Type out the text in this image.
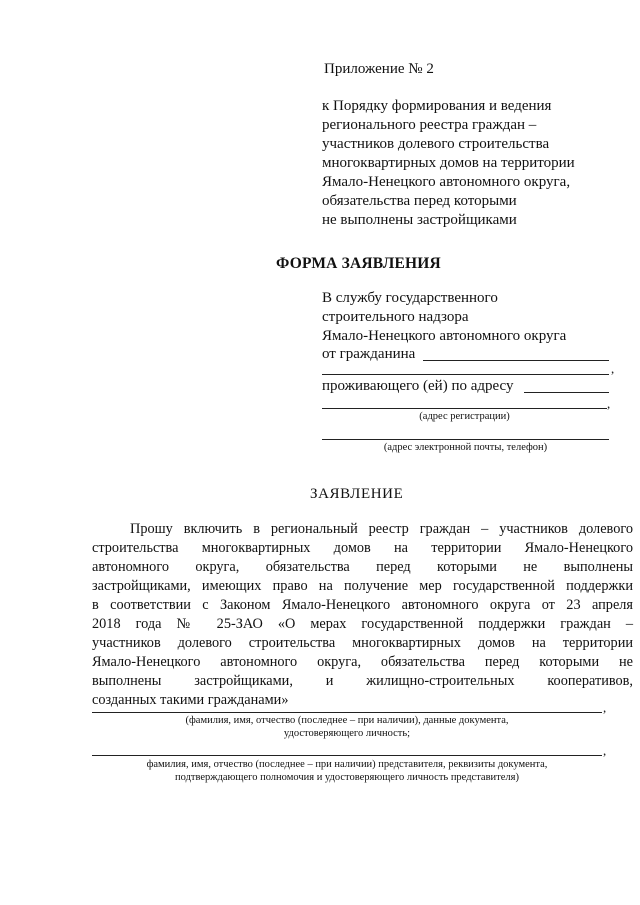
Приложение № 2
к Порядку формирования и ведения
регионального реестра граждан –
участников долевого строительства
многоквартирных домов на территории
Ямало-Ненецкого автономного округа,
обязательства перед которыми
не выполнены застройщиками
ФОРМА ЗАЯВЛЕНИЯ
В службу государственного
строительного надзора
Ямало-Ненецкого автономного округа
от гражданина
,
проживающего (ей) по адресу
,
(адрес регистрации)
(адрес электронной почты, телефон)
ЗАЯВЛЕНИЕ
Прошу включить в региональный реестр граждан – участников долевого
строительства многоквартирных домов на территории Ямало-Ненецкого
автономного округа, обязательства перед которыми не выполнены
застройщиками, имеющих право на получение мер государственной поддержки
в соответствии с Законом Ямало-Ненецкого автономного округа от 23 апреля
2018 года № 25-ЗАО «О мерах государственной поддержки граждан –
участников долевого строительства многоквартирных домов на территории
Ямало-Ненецкого автономного округа, обязательства перед которыми не
выполнены застройщиками, и жилищно-строительных кооперативов,
созданных такими гражданами»	,
(фамилия, имя, отчество (последнее – при наличии), данные документа,
удостоверяющего личность;
,
фамилия, имя, отчество (последнее – при наличии) представителя, реквизиты документа,
подтверждающего полномочия и удостоверяющего личность представителя)
